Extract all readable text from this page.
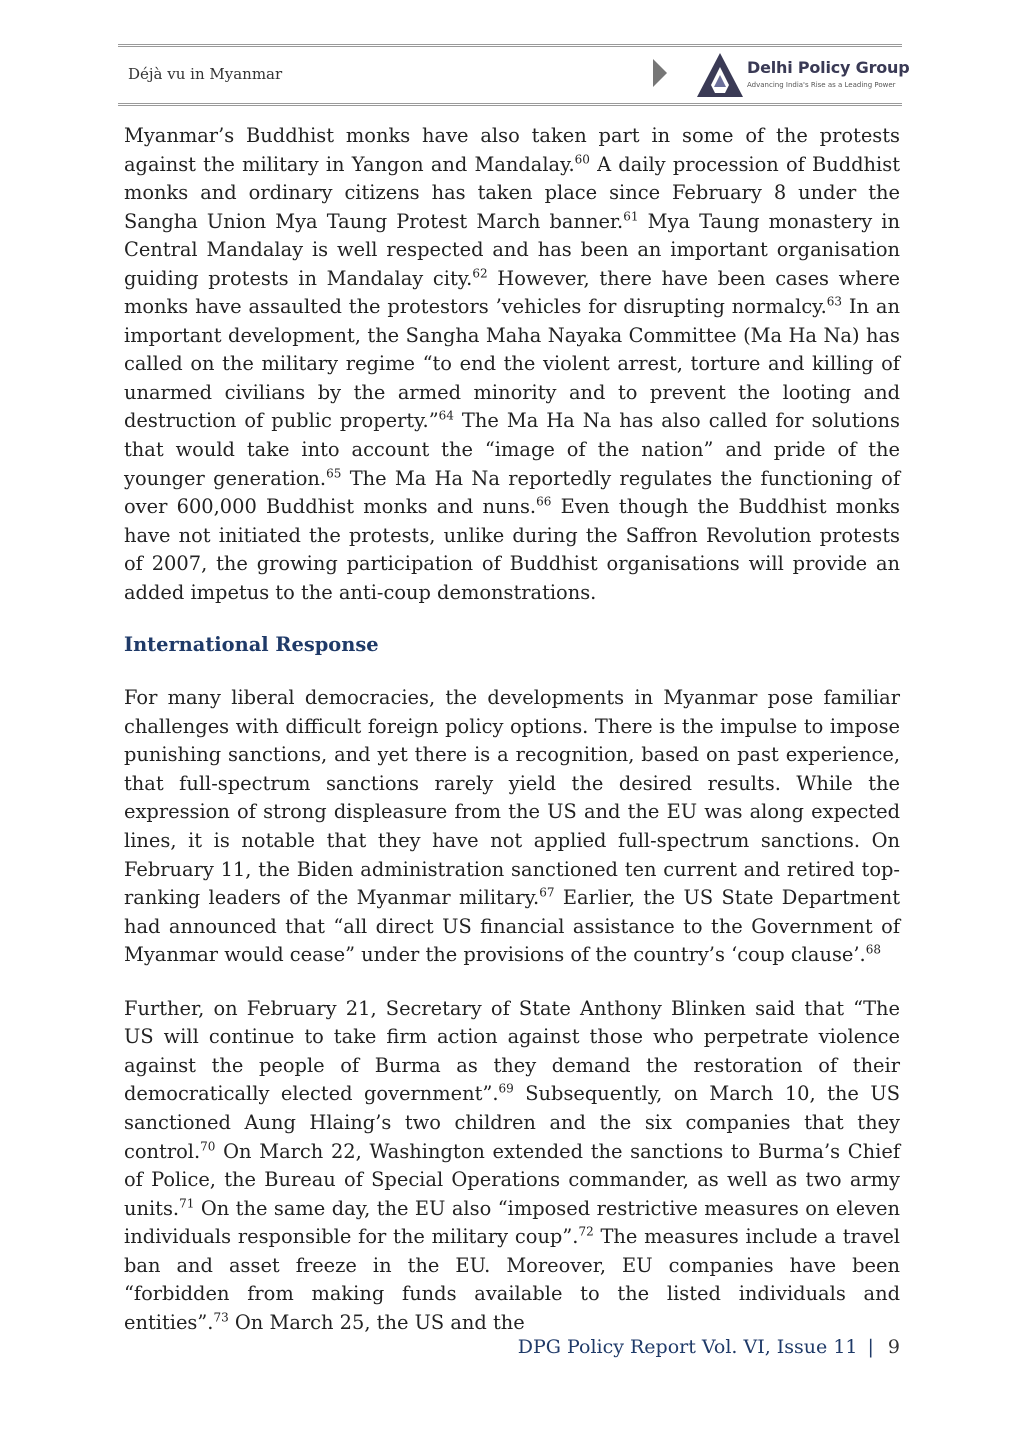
Déjà vu in Myanmar	Delhi Policy Group
Advancing India's Rise as a Leading Power

Myanmar’s Buddhist monks have also taken part in some of the protests against the military in Yangon and Mandalay.$^{60}$ A daily procession of Buddhist monks and ordinary citizens has taken place since February 8 under the Sangha Union Mya Taung Protest March banner.$^{61}$ Mya Taung monastery in Central Mandalay is well respected and has been an important organisation guiding protests in Mandalay city.$^{62}$ However, there have been cases where monks have assaulted the protestors ’vehicles for disrupting normalcy.$^{63}$ In an important development, the Sangha Maha Nayaka Committee (Ma Ha Na) has called on the military regime “to end the violent arrest, torture and killing of unarmed civilians by the armed minority and to prevent the looting and destruction of public property.”$^{64}$ The Ma Ha Na has also called for solutions that would take into account the “image of the nation” and pride of the younger generation.$^{65}$ The Ma Ha Na reportedly regulates the functioning of over 600,000 Buddhist monks and nuns.$^{66}$ Even though the Buddhist monks have not initiated the protests, unlike during the Saffron Revolution protests of 2007, the growing participation of Buddhist organisations will provide an added impetus to the anti-coup demonstrations.

International Response

For many liberal democracies, the developments in Myanmar pose familiar challenges with difficult foreign policy options. There is the impulse to impose punishing sanctions, and yet there is a recognition, based on past experience, that full-spectrum sanctions rarely yield the desired results. While the expression of strong displeasure from the US and the EU was along expected lines, it is notable that they have not applied full-spectrum sanctions. On February 11, the Biden administration sanctioned ten current and retired top-ranking leaders of the Myanmar military.$^{67}$ Earlier, the US State Department had announced that “all direct US financial assistance to the Government of Myanmar would cease” under the provisions of the country’s ‘coup clause’.$^{68}$

Further, on February 21, Secretary of State Anthony Blinken said that “The US will continue to take firm action against those who perpetrate violence against the people of Burma as they demand the restoration of their democratically elected government”.$^{69}$ Subsequently, on March 10, the US sanctioned Aung Hlaing’s two children and the six companies that they control.$^{70}$ On March 22, Washington extended the sanctions to Burma’s Chief of Police, the Bureau of Special Operations commander, as well as two army units.$^{71}$ On the same day, the EU also “imposed restrictive measures on eleven individuals responsible for the military coup”.$^{72}$ The measures include a travel ban and asset freeze in the EU. Moreover, EU companies have been “forbidden from making funds available to the listed individuals and entities”.$^{73}$ On March 25, the US and the

DPG Policy Report Vol. VI, Issue 11 | 9
